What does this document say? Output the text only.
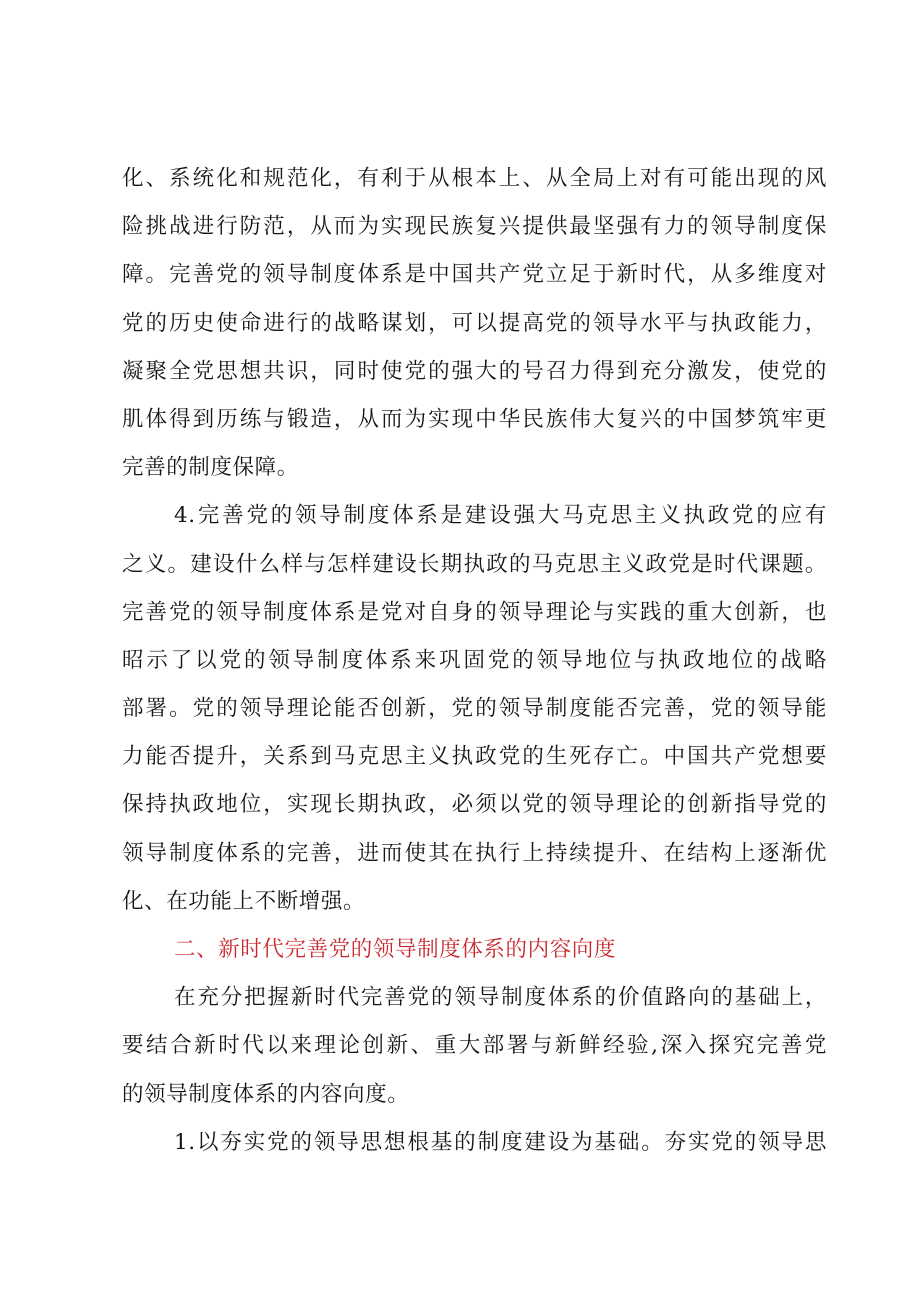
化、系统化和规范化，有利于从根本上、从全局上对有可能出现的风
险挑战进行防范，从而为实现民族复兴提供最坚强有力的领导制度保
障。完善党的领导制度体系是中国共产党立足于新时代，从多维度对
党的历史使命进行的战略谋划，可以提高党的领导水平与执政能力，
凝聚全党思想共识，同时使党的强大的号召力得到充分激发，使党的
肌体得到历练与锻造，从而为实现中华民族伟大复兴的中国梦筑牢更
完善的制度保障。
4.完善党的领导制度体系是建设强大马克思主义执政党的应有
之义。建设什么样与怎样建设长期执政的马克思主义政党是时代课题。
完善党的领导制度体系是党对自身的领导理论与实践的重大创新，也
昭示了以党的领导制度体系来巩固党的领导地位与执政地位的战略
部署。党的领导理论能否创新，党的领导制度能否完善，党的领导能
力能否提升，关系到马克思主义执政党的生死存亡。中国共产党想要
保持执政地位，实现长期执政，必须以党的领导理论的创新指导党的
领导制度体系的完善，进而使其在执行上持续提升、在结构上逐渐优
化、在功能上不断增强。
二、新时代完善党的领导制度体系的内容向度
在充分把握新时代完善党的领导制度体系的价值路向的基础上，
要结合新时代以来理论创新、重大部署与新鲜经验,深入探究完善党
的领导制度体系的内容向度。
1.以夯实党的领导思想根基的制度建设为基础。夯实党的领导思
